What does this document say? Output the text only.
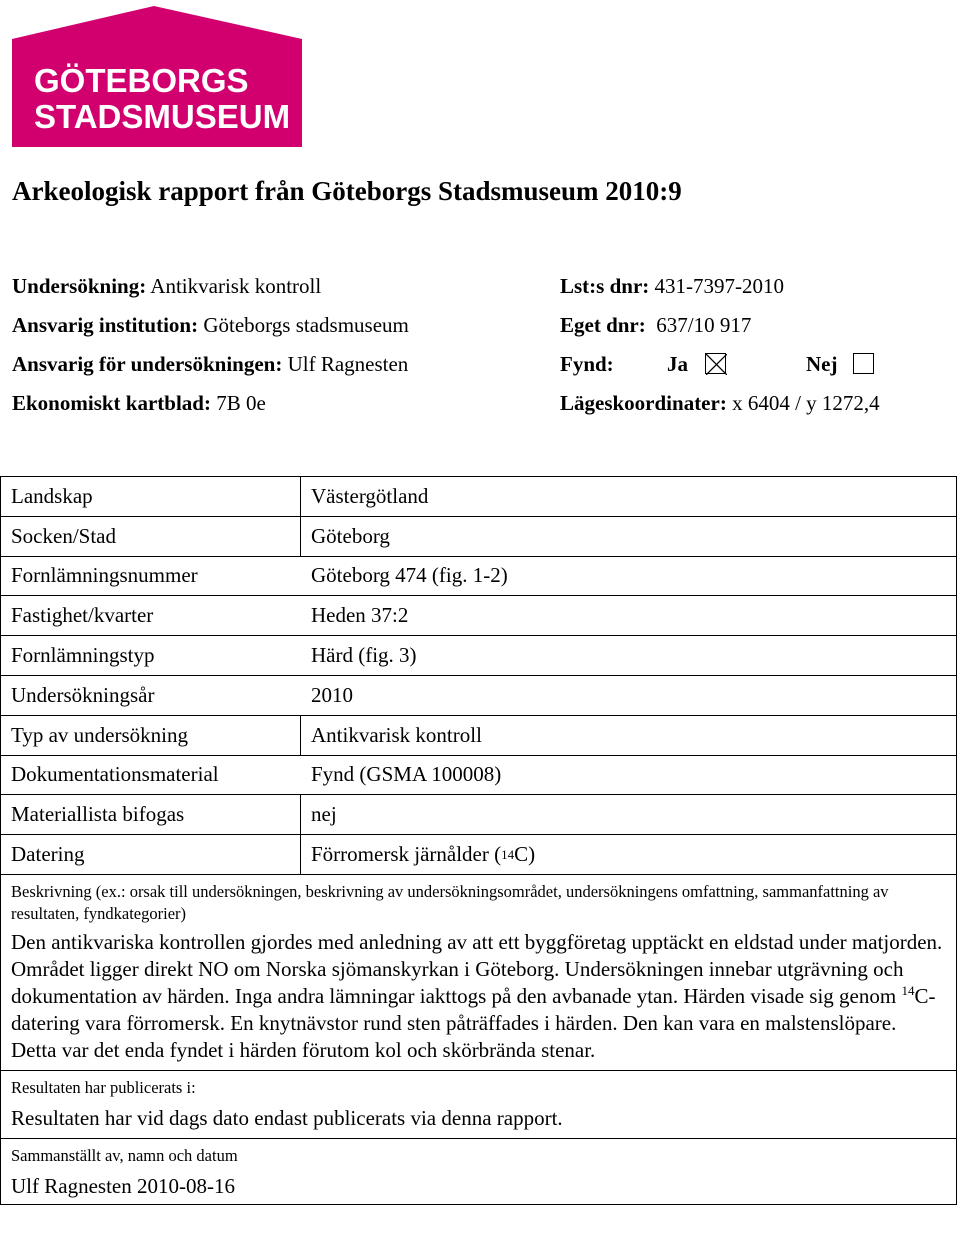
GÖTEBORGS
STADSMUSEUM
Arkeologisk rapport från Göteborgs Stadsmuseum 2010:9
Undersökning: Antikvarisk kontroll
Ansvarig institution: Göteborgs stadsmuseum
Ansvarig för undersökningen: Ulf Ragnesten
Ekonomiskt kartblad: 7B 0e
Lst:s dnr: 431-7397-2010
Eget dnr: 637/10 917
Fynd:	Ja	Nej
Lägeskoordinater: x 6404 / y 1272,4
Landskap	Västergötland
Socken/Stad	Göteborg
Fornlämningsnummer	Göteborg 474 (fig. 1-2)
Fastighet/kvarter	Heden 37:2
Fornlämningstyp	Härd (fig. 3)
Undersökningsår	2010
Typ av undersökning	Antikvarisk kontroll
Dokumentationsmaterial	Fynd (GSMA 100008)
Materiallista bifogas	nej
Datering	Förromersk järnålder ( 14 C)
Beskrivning (ex.: orsak till undersökningen, beskrivning av undersökningsområdet, undersökningens omfattning, sammanfattning av resultaten, fyndkategorier)
Den antikvariska kontrollen gjordes med anledning av att ett byggföretag upptäckt en eldstad under matjorden. Området ligger direkt NO om Norska sjömanskyrkan i Göteborg. Undersökningen innebar utgrävning och dokumentation av härden. Inga andra lämningar iakttogs på den avbanade ytan. Härden visade sig genom $^{14}$C-datering vara förromersk. En knytnävstor rund sten påträffades i härden. Den kan vara en malstenslöpare. Detta var det enda fyndet i härden förutom kol och skörbrända stenar.
Resultaten har publicerats i:
Resultaten har vid dags dato endast publicerats via denna rapport.
Sammanställt av, namn och datum
Ulf Ragnesten 2010-08-16
